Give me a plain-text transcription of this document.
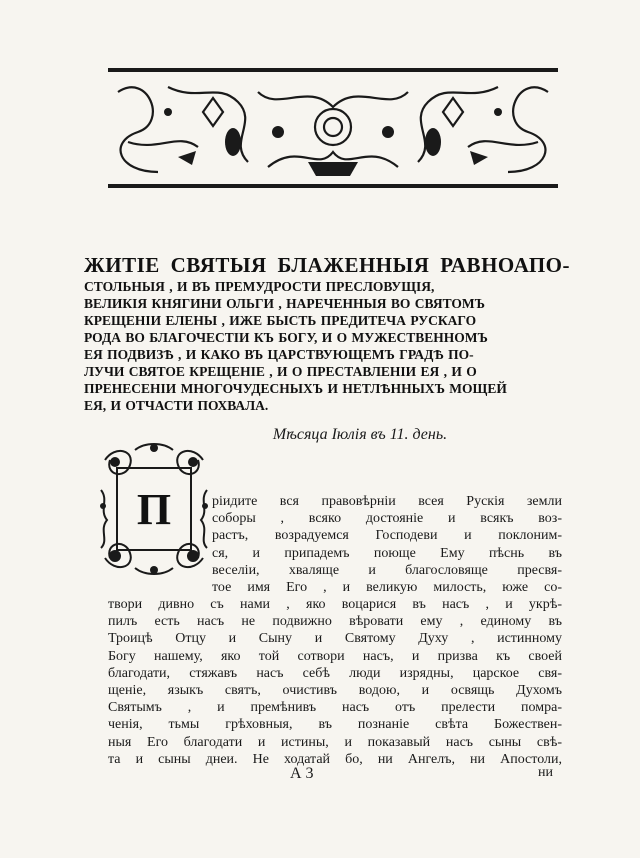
ЖИТІЕ СВЯТЫЯ БЛАЖЕННЫЯ РАВНОАПО-
СТОЛЬНЫЯ , И ВЪ ПРЕМУДРОСТИ ПРЕСЛОВУЩІЯ,
ВЕЛИКІЯ КНЯГИНИ ОЛЬГИ , НАРЕЧЕННЫЯ ВО СВЯТОМЪ
КРЕЩЕНІИ ЕЛЕНЫ , ИЖЕ БЫСТЬ ПРЕДИТЕЧА РУСКАГО
РОДА ВО БЛАГОЧЕСТІИ КЪ БОГУ, И О МУЖЕСТВЕННОМЪ
ЕЯ ПОДВИЗѢ , И КАКО ВЪ ЦАРСТВУЮЩЕМЪ ГРАДѢ ПО-
ЛУЧИ СВЯТОЕ КРЕЩЕНІЕ , И О ПРЕСТАВЛЕНІИ ЕЯ , И О
ПРЕНЕСЕНІИ МНОГОЧУДЕСНЫХЪ И НЕТЛѢННЫХЪ МОЩЕЙ
ЕЯ, И ОТЧАСТИ ПОХВАЛА.
Мѣсяца Іюлія въ 11. день.
П	ріидите вся правовѣрніи всея Рускія земли
соборы , всяко достояніе и всякъ воз-
растъ, возрадуемся Господеви и поклоним-
ся, и припадемъ поюще Ему пѣснь въ
веселіи, хваляще и благословяще пресвя-
тое имя Его , и великую милость, юже со-
твори дивно съ нами , яко воцарися въ насъ , и укрѣ-
пилъ есть насъ не подвижно вѣровати ему , единому въ
Троицѣ Отцу и Сыну и Святому Духу , истинному
Богу нашему, яко той сотвори насъ, и призва къ своей
благодати, стяжавъ насъ себѣ люди изрядны, царское свя-
щеніе, языкъ святъ, очистивъ водою, и освящь Духомъ
Святымъ , и премѣнивъ насъ отъ прелести помра-
ченія, тьмы грѣховныя, въ познаніе свѣта Божествен-
ныя Его благодати и истины, и показавый насъ сыны свѣ-
та и сыны днеи. Не ходатай бо, ни Ангелъ, ни Апостоли,
А 3	ни
